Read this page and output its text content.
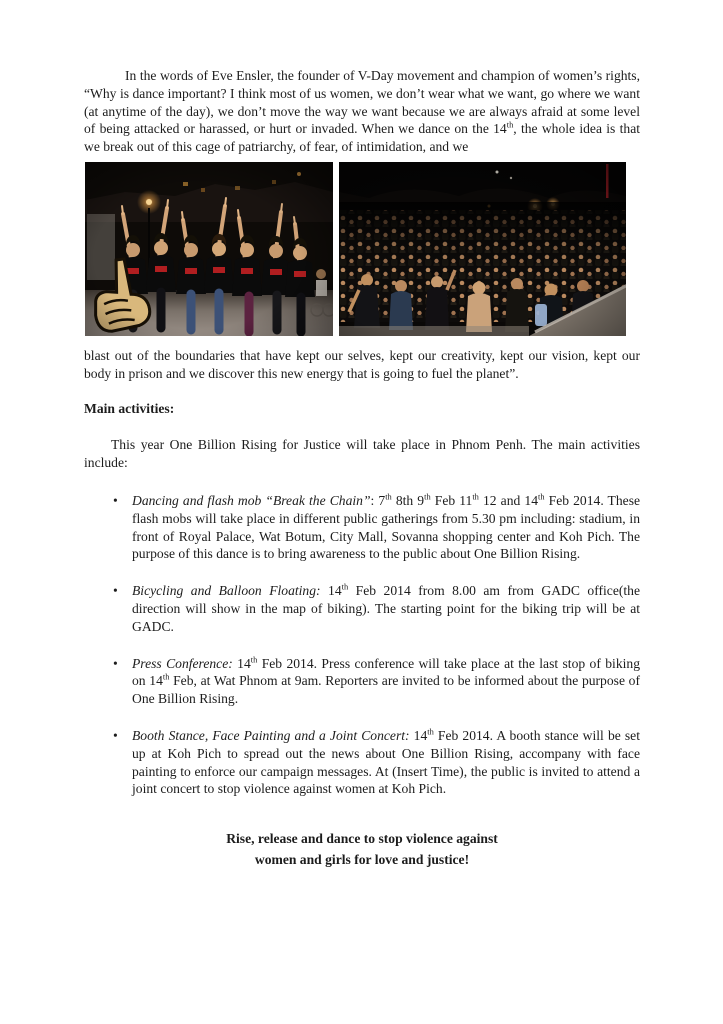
In the words of Eve Ensler, the founder of V-Day movement and champion of women’s rights, “Why is dance important? I think most of us women, we don’t wear what we want, go where we want (at anytime of the day), we don’t move the way we want because we are always afraid at some level of being attacked or harassed, or hurt or invaded. When we dance on the 14th, the whole idea is that we break out of this cage of patriarchy, of fear, of intimidation, and we

blast out of the boundaries that have kept our selves, kept our creativity, kept our vision, kept our body in prison and we discover this new energy that is going to fuel the planet”.

Main activities:

This year One Billion Rising for Justice will take place in Phnom Penh. The main activities include:

• Dancing and flash mob “Break the Chain”: 7th 8th 9th Feb 11th 12 and 14th Feb 2014. These flash mobs will take place in different public gatherings from 5.30 pm including: stadium, in front of Royal Palace, Wat Botum, City Mall, Sovanna shopping center and Koh Pich. The purpose of this dance is to bring awareness to the public about One Billion Rising.
• Bicycling and Balloon Floating: 14th Feb 2014 from 8.00 am from GADC office(the direction will show in the map of biking). The starting point for the biking trip will be at GADC.
• Press Conference: 14th Feb 2014. Press conference will take place at the last stop of biking on 14th Feb, at Wat Phnom at 9am. Reporters are invited to be informed about the purpose of One Billion Rising.
• Booth Stance, Face Painting and a Joint Concert: 14th Feb 2014. A booth stance will be set up at Koh Pich to spread out the news about One Billion Rising, accompany with face painting to enforce our campaign messages. At (Insert Time), the public is invited to attend a joint concert to stop violence against women at Koh Pich.
Rise, release and dance to stop violence against
women and girls for love and justice!
